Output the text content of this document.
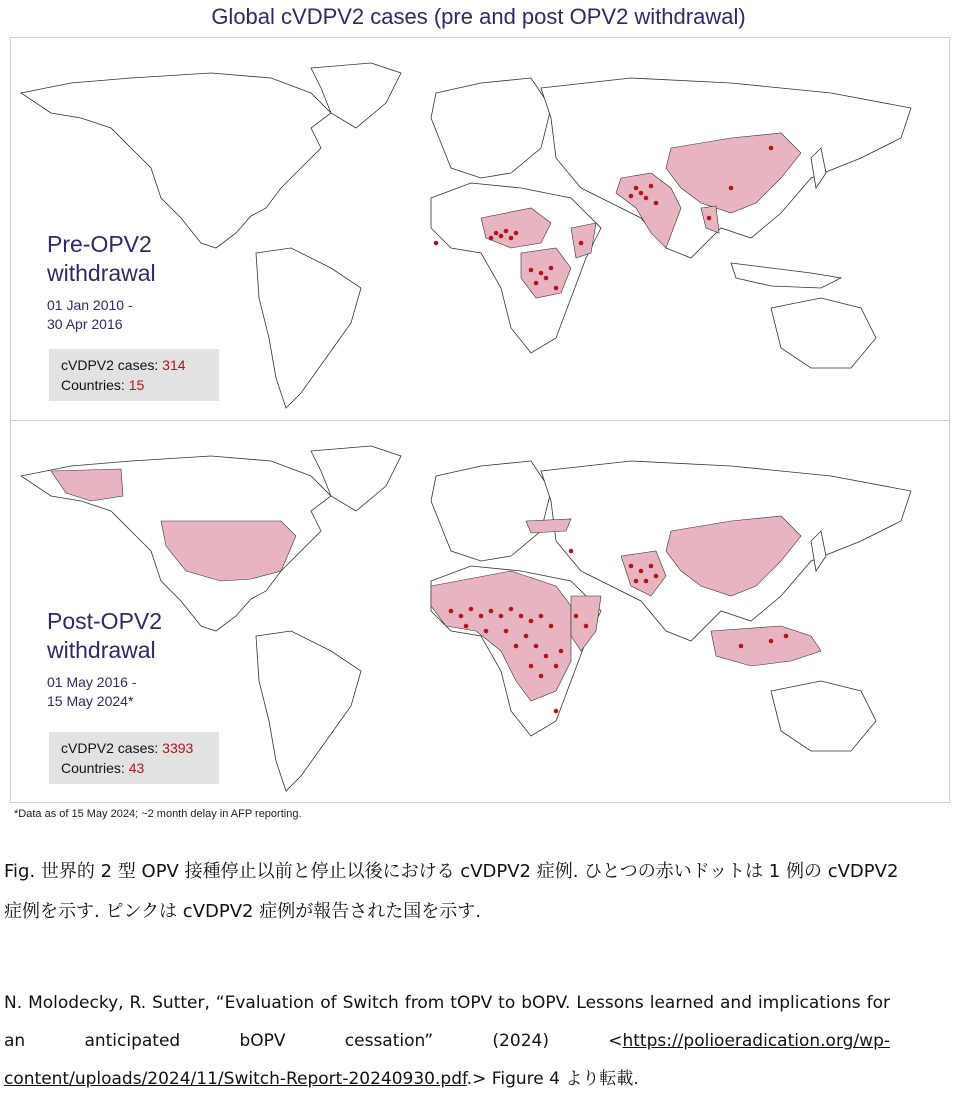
Global cVDPV2 cases (pre and post OPV2 withdrawal)
Pre-OPV2
withdrawal
01 Jan 2010 -
30 Apr 2016
cVDPV2 cases: 314
Countries: 15
Post-OPV2
withdrawal
01 May 2016 -
15 May 2024*
cVDPV2 cases: 3393
Countries: 43
*Data as of 15 May 2024; ~2 month delay in AFP reporting.
Fig. 世界的 2 型 OPV 接種停止以前と停止以後における cVDPV2 症例. ひとつの赤いドットは 1 例の cVDPV2 症例を示す. ピンクは cVDPV2 症例が報告された国を示す.
N. Molodecky, R. Sutter, “Evaluation of Switch from tOPV to bOPV. Lessons learned and implications for an anticipated bOPV cessation” (2024) <https://polioeradication.org/wp-content/uploads/2024/11/Switch-Report-20240930.pdf.> Figure 4 より転載.
